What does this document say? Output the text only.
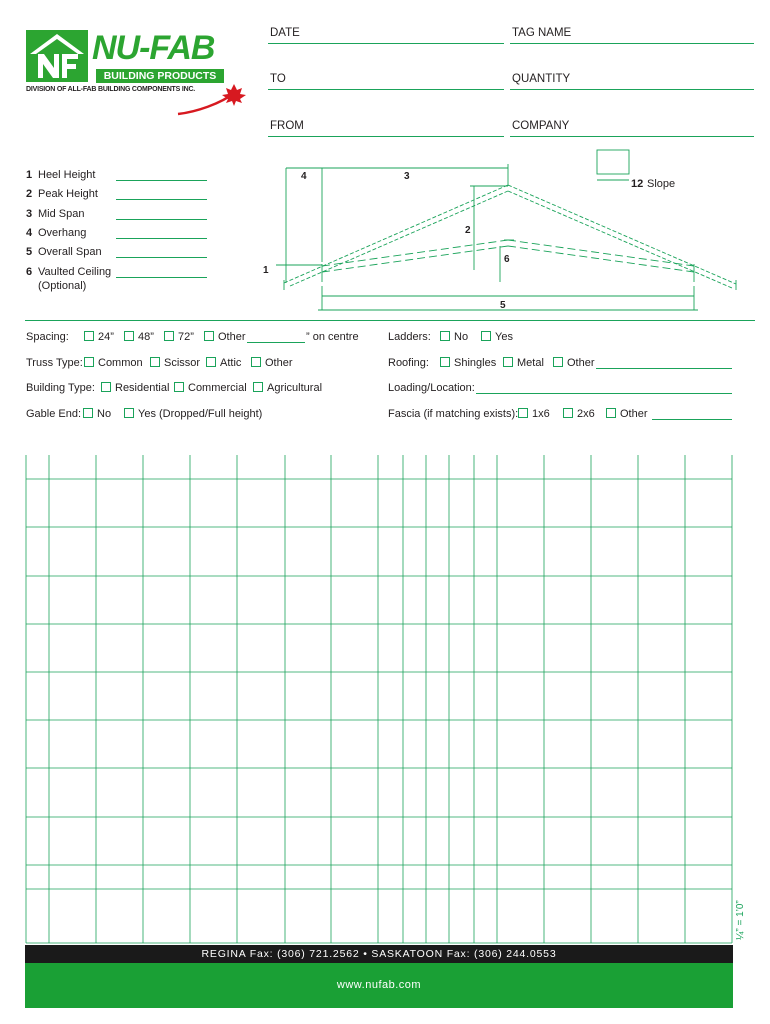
NU-FAB
BUILDING PRODUCTS
DIVISION OF ALL-FAB BUILDING COMPONENTS INC.
DATE	TAG NAME
TO	QUANTITY
FROM	COMPANY
1 Heel Height
2 Peak Height
3 Mid Span
4 Overhang
5 Overall Span
6 Vaulted Ceiling
(Optional)
4	3
2
6
1
5
12 Slope
Spacing:	24” 48” 72” Other	” on centre
Truss Type: Common Scissor Attic Other
Building Type: Residential Commercial Agricultural
Gable End: No Yes (Dropped/Full height)
Ladders: No Yes
Roofing: Shingles Metal Other
Loading/Location:
Fascia (if matching exists): 1x6 2x6 Other
¼” = 1’0”
REGINA Fax: (306) 721.2562 • SASKATOON Fax: (306) 244.0553
www.nufab.com
